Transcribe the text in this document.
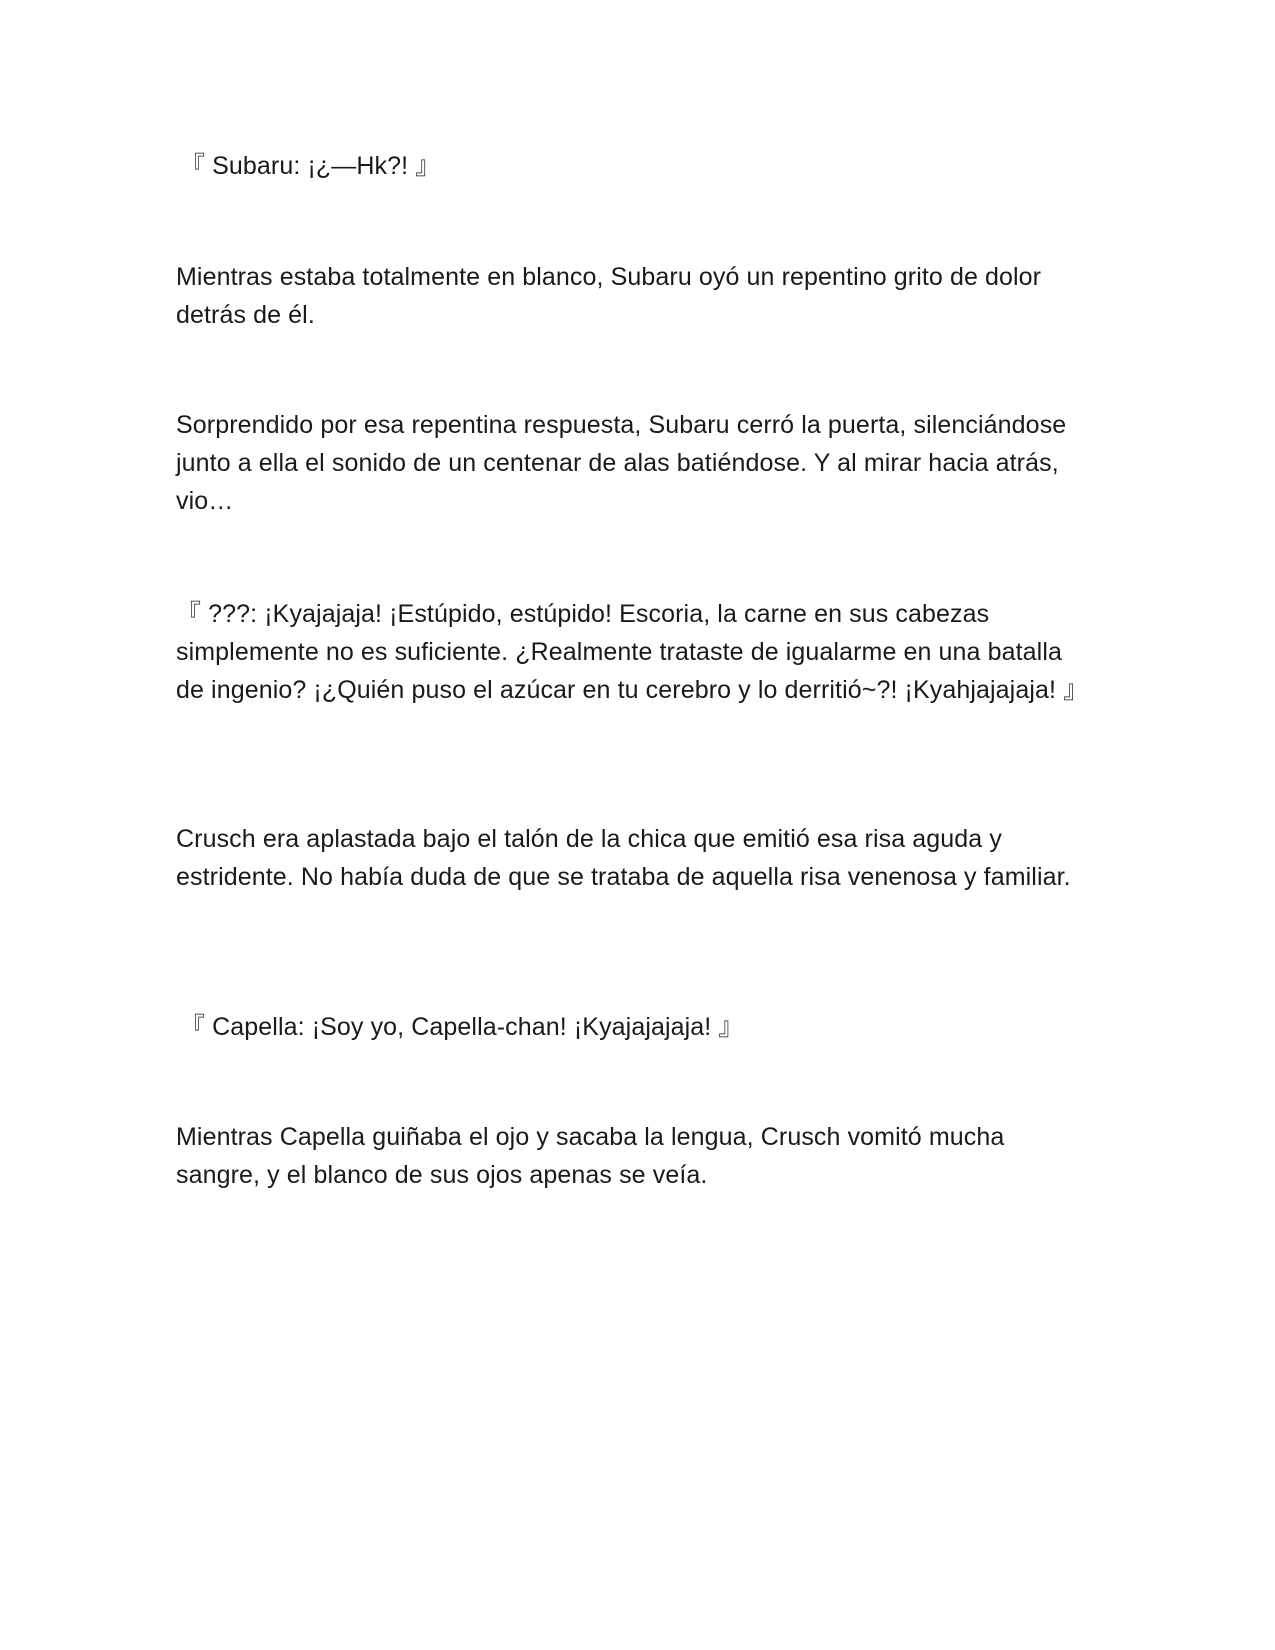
『 Subaru: ¡¿—Hk?! 』

Mientras estaba totalmente en blanco, Subaru oyó un repentino grito de dolor detrás de él.

Sorprendido por esa repentina respuesta, Subaru cerró la puerta, silenciándose junto a ella el sonido de un centenar de alas batiéndose. Y al mirar hacia atrás, vio…

『 ???: ¡Kyajajaja! ¡Estúpido, estúpido! Escoria, la carne en sus cabezas simplemente no es suficiente. ¿Realmente trataste de igualarme en una batalla de ingenio? ¡¿Quién puso el azúcar en tu cerebro y lo derritió~?! ¡Kyahjajajaja! 』

Crusch era aplastada bajo el talón de la chica que emitió esa risa aguda y estridente. No había duda de que se trataba de aquella risa venenosa y familiar.

『 Capella: ¡Soy yo, Capella-chan! ¡Kyajajajaja! 』

Mientras Capella guiñaba el ojo y sacaba la lengua, Crusch vomitó mucha sangre, y el blanco de sus ojos apenas se veía.
